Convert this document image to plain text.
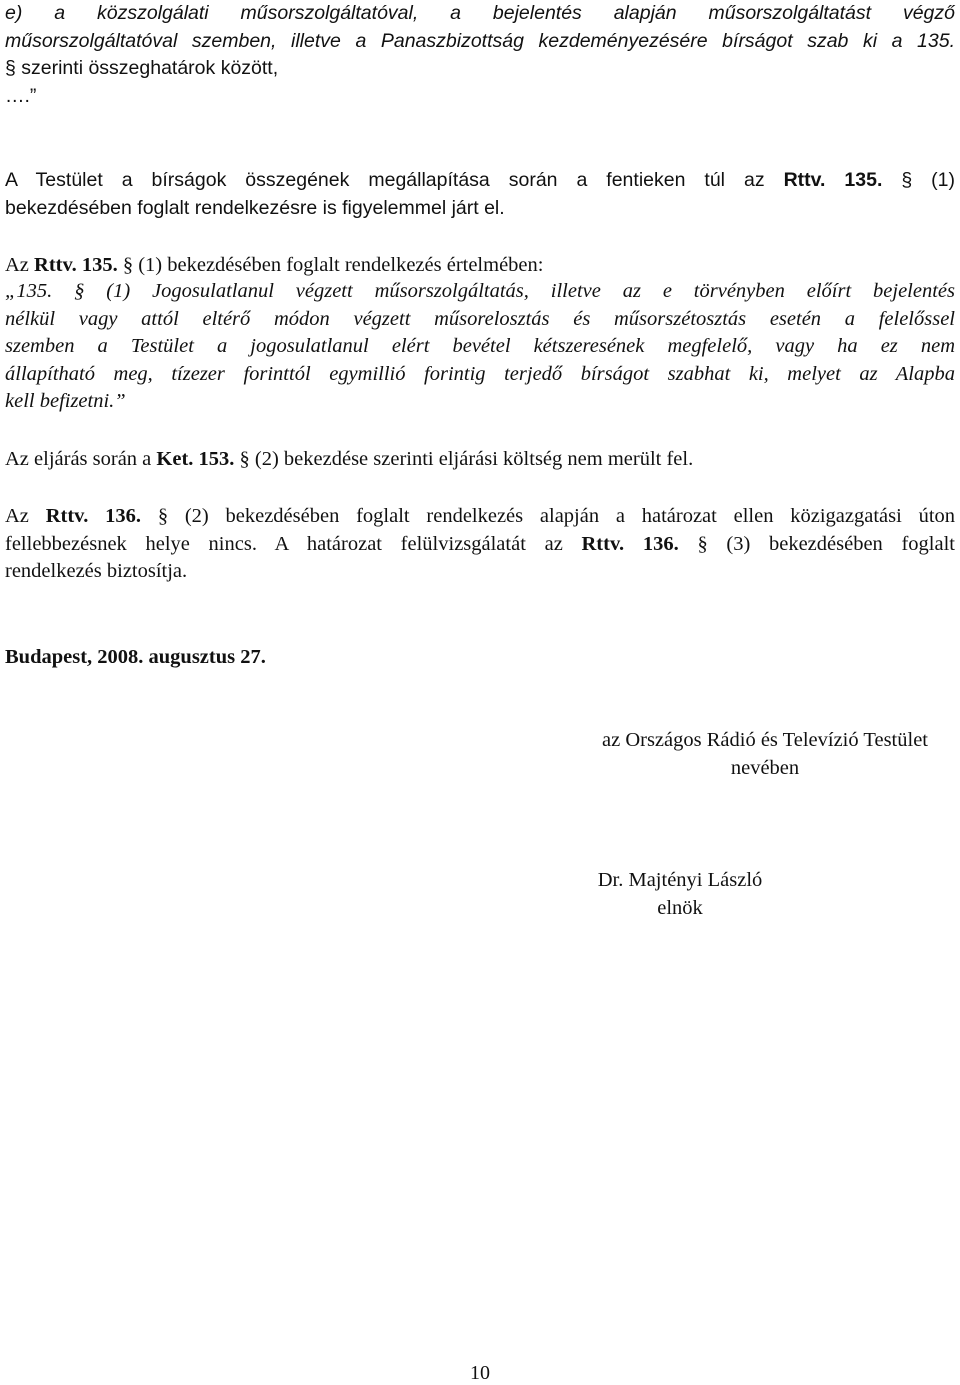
e) a közszolgálati műsorszolgáltatóval, a bejelentés alapján műsorszolgáltatást végző
műsorszolgáltatóval szemben, illetve a Panaszbizottság kezdeményezésére bírságot szab ki a 135.
§ szerinti összeghatárok között,
….”
A Testület a bírságok összegének megállapítása során a fentieken túl az Rttv. 135. § (1)
bekezdésében foglalt rendelkezésre is figyelemmel járt el.
Az Rttv. 135. § (1) bekezdésében foglalt rendelkezés értelmében:
„135. § (1) Jogosulatlanul végzett műsorszolgáltatás, illetve az e törvényben előírt bejelentés
nélkül vagy attól eltérő módon végzett műsorelosztás és műsorszétosztás esetén a felelőssel
szemben a Testület a jogosulatlanul elért bevétel kétszeresének megfelelő, vagy ha ez nem
állapítható meg, tízezer forinttól egymillió forintig terjedő bírságot szabhat ki, melyet az Alapba
kell befizetni.”
Az eljárás során a Ket. 153. § (2) bekezdése szerinti eljárási költség nem merült fel.
Az Rttv. 136. § (2) bekezdésében foglalt rendelkezés alapján a határozat ellen közigazgatási úton
fellebbezésnek helye nincs. A határozat felülvizsgálatát az Rttv. 136. § (3) bekezdésében foglalt
rendelkezés biztosítja.
Budapest, 2008. augusztus 27.
az Országos Rádió és Televízió Testület
nevében
Dr. Majtényi László
elnök
10
